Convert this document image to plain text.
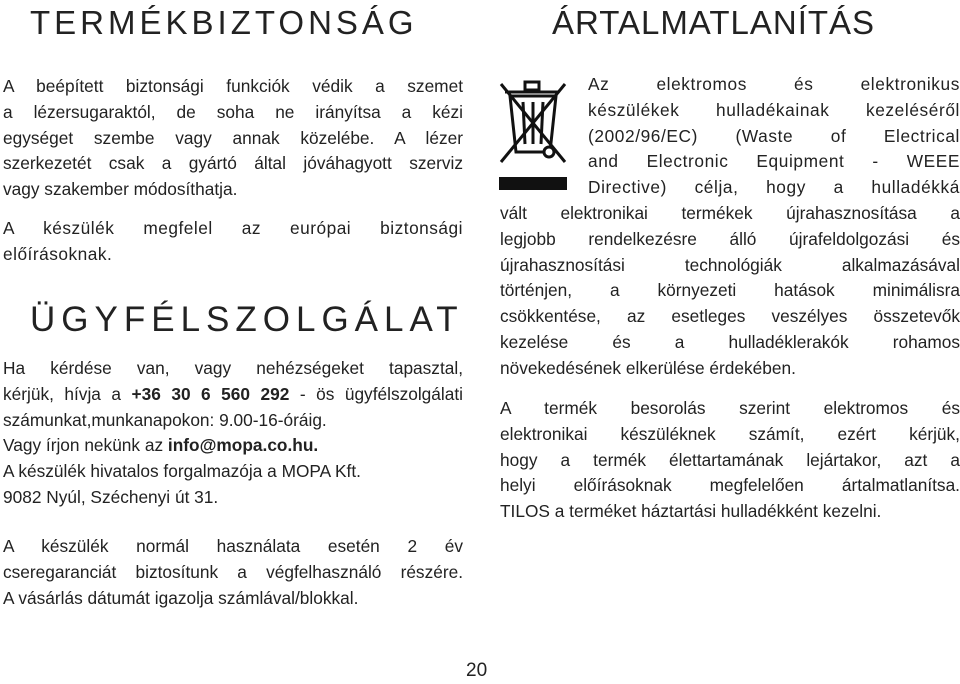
TERMÉKBIZTONSÁG

A beépített biztonsági funkciók védik a szemet
a lézersugaraktól, de soha ne irányítsa a kézi
egységet szembe vagy annak közelébe. A lézer
szerkezetét csak a gyártó által jóváhagyott szerviz
vagy szakember módosíthatja.

A készülék megfelel az európai biztonsági
előírásoknak.

ÜGYFÉLSZOLGÁLAT

Ha kérdése van, vagy nehézségeket tapasztal,
kérjük, hívja a +36 30 6 560 292 - ös ügyfélszolgálati
számunkat,munkanapokon: 9.00-16-óráig.
Vagy írjon nekünk az info@mopa.co.hu.
A készülék hivatalos forgalmazója a MOPA Kft.
9082 Nyúl, Széchenyi út 31.

A készülék normál használata esetén 2 év
cseregaranciát biztosítunk a végfelhasználó részére.
A vásárlás dátumát igazolja számlával/blokkal.

ÁRTALMATLANÍTÁS

Az elektromos és elektronikus
készülékek hulladékainak kezeléséről
(2002/96/EC) (Waste of Electrical
and Electronic Equipment - WEEE
Directive) célja, hogy a hulladékká

vált elektronikai termékek újrahasznosítása a
legjobb rendelkezésre álló újrafeldolgozási és
újrahasznosítási technológiák alkalmazásával
történjen, a környezeti hatások minimálisra
csökkentése, az esetleges veszélyes összetevők
kezelése és a hulladéklerakók rohamos
növekedésének elkerülése érdekében.

A termék besorolás szerint elektromos és
elektronikai készüléknek számít, ezért kérjük,
hogy a termék élettartamának lejártakor, azt a
helyi előírásoknak megfelelően ártalmatlanítsa.
TILOS a terméket háztartási hulladékként kezelni.

20
